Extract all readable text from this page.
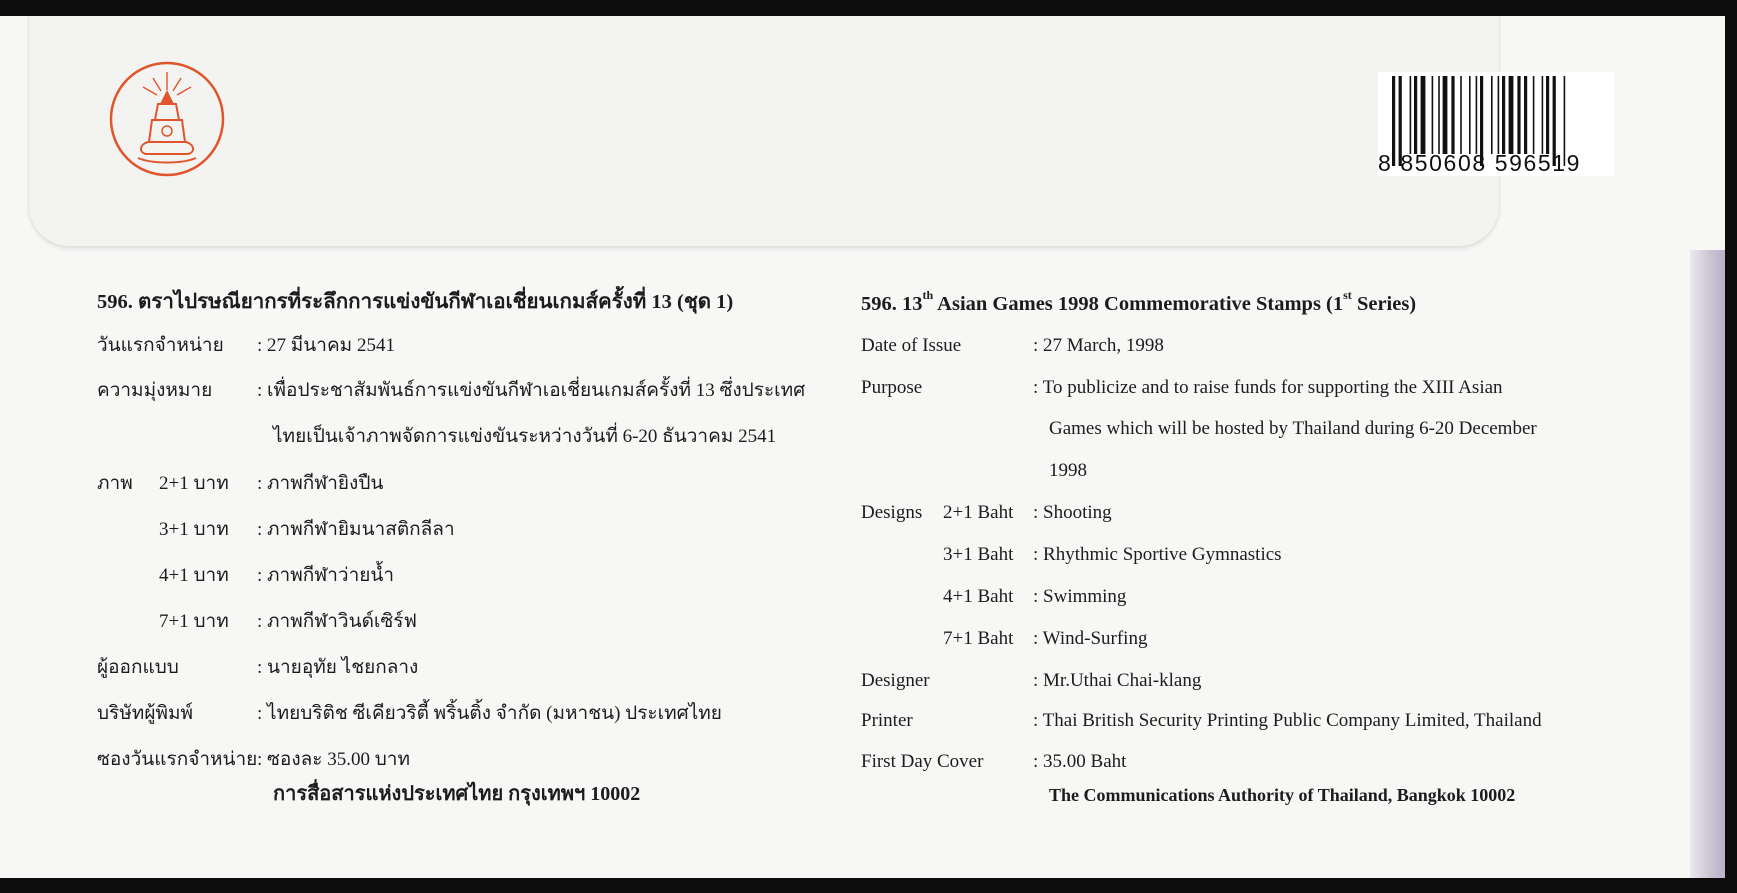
8 850608 596519
596. ตราไปรษณียากรที่ระลึกการแข่งขันกีฬาเอเชี่ยนเกมส์ครั้งที่ 13 (ชุด 1)
วันแรกจำหน่าย : 27 มีนาคม 2541
ความมุ่งหมาย : เพื่อประชาสัมพันธ์การแข่งขันกีฬาเอเชี่ยนเกมส์ครั้งที่ 13 ซึ่งประเทศ
ไทยเป็นเจ้าภาพจัดการแข่งขันระหว่างวันที่ 6-20 ธันวาคม 2541
ภาพ 2+1 บาท : ภาพกีฬายิงปืน
3+1 บาท : ภาพกีฬายิมนาสติกลีลา
4+1 บาท : ภาพกีฬาว่ายน้ำ
7+1 บาท : ภาพกีฬาวินด์เซิร์ฟ
ผู้ออกแบบ	: นายอุทัย ไชยกลาง
บริษัทผู้พิมพ์	: ไทยบริติช ซีเคียวริตี้ พริ้นติ้ง จำกัด (มหาชน) ประเทศไทย
ซองวันแรกจำหน่าย : ซองละ 35.00 บาท
การสื่อสารแห่งประเทศไทย กรุงเทพฯ 10002
596. 13th Asian Games 1998 Commemorative Stamps (1st Series)
Date of Issue	: 27 March, 1998
Purpose	: To publicize and to raise funds for supporting the XIII Asian
Games which will be hosted by Thailand during 6-20 December
1998
Designs 2+1 Baht : Shooting
3+1 Baht : Rhythmic Sportive Gymnastics
4+1 Baht : Swimming
7+1 Baht : Wind-Surfing
Designer	: Mr.Uthai Chai-klang
Printer	: Thai British Security Printing Public Company Limited, Thailand
First Day Cover	: 35.00 Baht
The Communications Authority of Thailand, Bangkok 10002
